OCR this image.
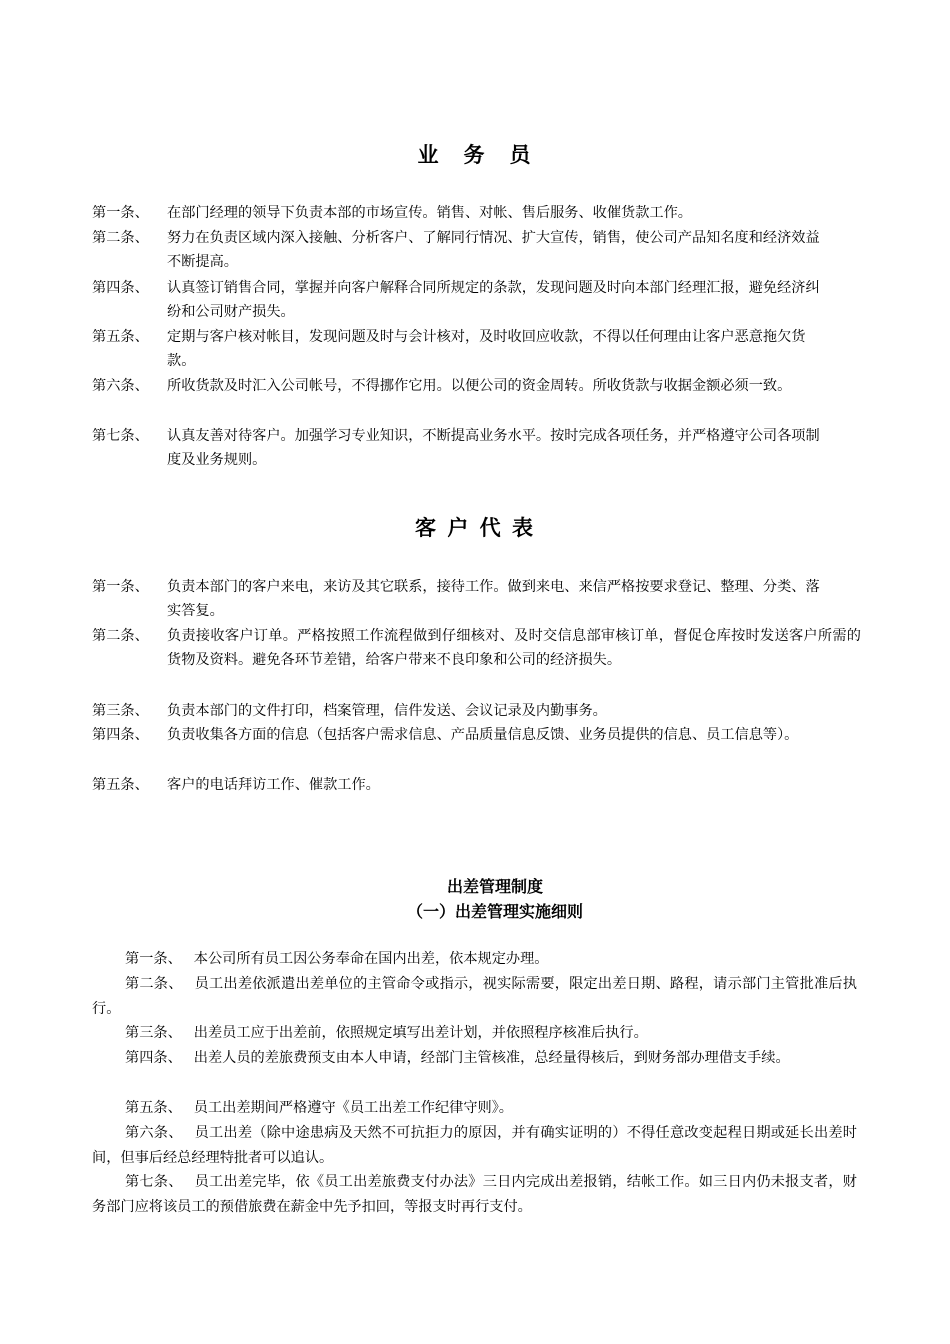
业　务　员
第一条、 在部门经理的领导下负责本部的市场宣传。销售、对帐、售后服务、收催货款工作。
第二条、 努力在负责区域内深入接触、分析客户、了解同行情况、扩大宣传，销售，使公司产品知名度和经济效益不断提高。
第四条、 认真签订销售合同，掌握并向客户解释合同所规定的条款，发现问题及时向本部门经理汇报，避免经济纠纷和公司财产损失。
第五条、 定期与客户核对帐目，发现问题及时与会计核对，及时收回应收款，不得以任何理由让客户恶意拖欠货款。
第六条、 所收货款及时汇入公司帐号，不得挪作它用。以便公司的资金周转。所收货款与收据金额必须一致。
第七条、 认真友善对待客户。加强学习专业知识，不断提高业务水平。按时完成各项任务，并严格遵守公司各项制度及业务规则。
客 户 代 表
第一条、 负责本部门的客户来电，来访及其它联系，接待工作。做到来电、来信严格按要求登记、整理、分类、落实答复。
第二条、 负责接收客户订单。严格按照工作流程做到仔细核对、及时交信息部审核订单，督促仓库按时发送客户所需的货物及资料。避免各环节差错，给客户带来不良印象和公司的经济损失。
第三条、 负责本部门的文件打印，档案管理，信件发送、会议记录及内勤事务。
第四条、 负责收集各方面的信息（包括客户需求信息、产品质量信息反馈、业务员提供的信息、员工信息等）。
第五条、 客户的电话拜访工作、催款工作。
出差管理制度
（一）出差管理实施细则
第一条、 本公司所有员工因公务奉命在国内出差，依本规定办理。
第二条、 员工出差依派遣出差单位的主管命令或指示，视实际需要，限定出差日期、路程，请示部门主管批准后执行。
第三条、 出差员工应于出差前，依照规定填写出差计划，并依照程序核准后执行。
第四条、 出差人员的差旅费预支由本人申请，经部门主管核准，总经量得核后，到财务部办理借支手续。
第五条、 员工出差期间严格遵守《员工出差工作纪律守则》。
第六条、 员工出差（除中途患病及天然不可抗拒力的原因，并有确实证明的）不得任意改变起程日期或延长出差时间，但事后经总经理特批者可以追认。
第七条、 员工出差完毕，依《员工出差旅费支付办法》三日内完成出差报销，结帐工作。如三日内仍未报支者，财务部门应将该员工的预借旅费在薪金中先予扣回，等报支时再行支付。
